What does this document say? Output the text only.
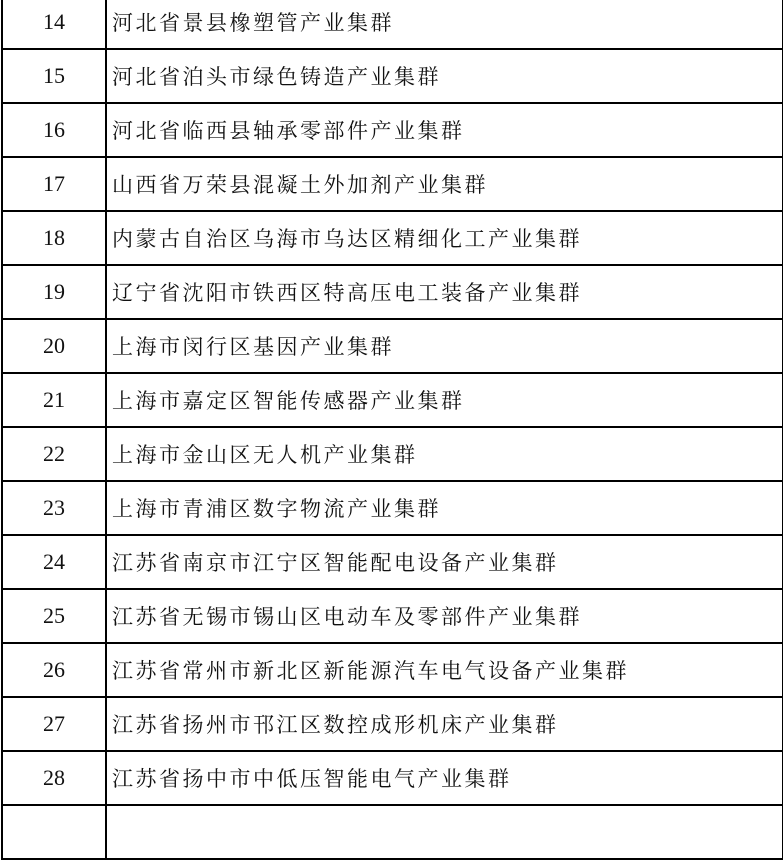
14	河北省景县橡塑管产业集群
15	河北省泊头市绿色铸造产业集群
16	河北省临西县轴承零部件产业集群
17	山西省万荣县混凝土外加剂产业集群
18	内蒙古自治区乌海市乌达区精细化工产业集群
19	辽宁省沈阳市铁西区特高压电工装备产业集群
20	上海市闵行区基因产业集群
21	上海市嘉定区智能传感器产业集群
22	上海市金山区无人机产业集群
23	上海市青浦区数字物流产业集群
24	江苏省南京市江宁区智能配电设备产业集群
25	江苏省无锡市锡山区电动车及零部件产业集群
26	江苏省常州市新北区新能源汽车电气设备产业集群
27	江苏省扬州市邗江区数控成形机床产业集群
28	江苏省扬中市中低压智能电气产业集群
